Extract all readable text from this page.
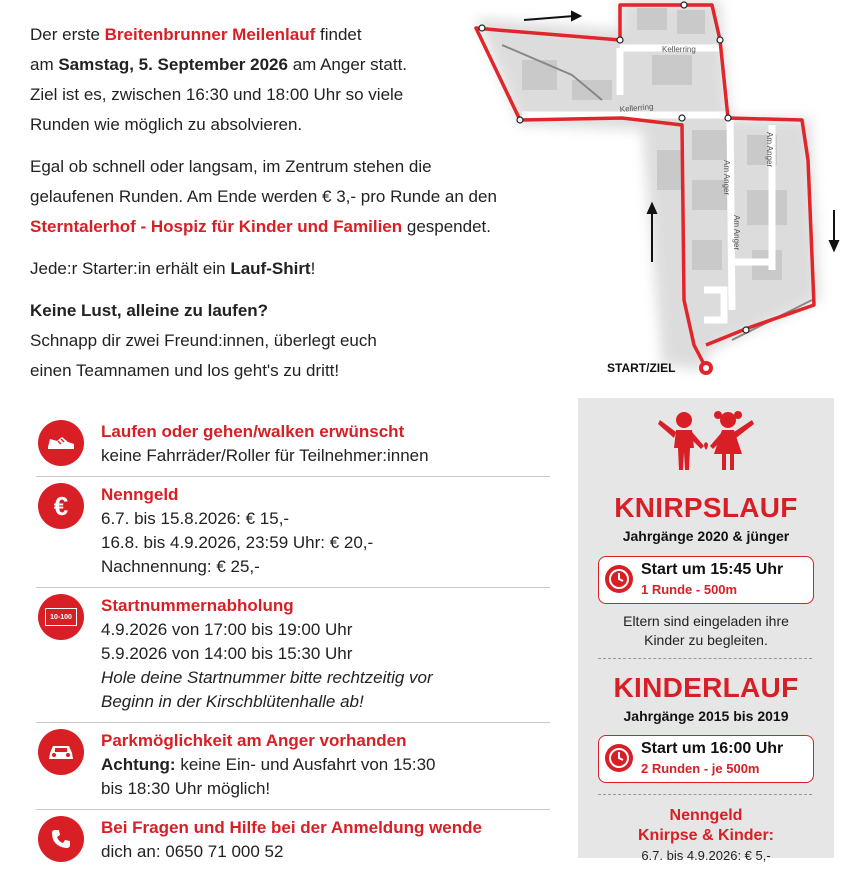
Der erste Breitenbrunner Meilenlauf findet
am Samstag, 5. September 2026 am Anger statt.
Ziel ist es, zwischen 16:30 und 18:00 Uhr so viele
Runden wie möglich zu absolvieren.

Egal ob schnell oder langsam, im Zentrum stehen die
gelaufenen Runden. Am Ende werden € 3,- pro Runde an den
Sterntalerhof - Hospiz für Kinder und Familien gespendet.

Jede:r Starter:in erhält ein Lauf-Shirt!

Keine Lust, alleine zu laufen?
Schnapp dir zwei Freund:innen, überlegt euch
einen Teamnamen und los geht's zu dritt!

Kellerring
Kellerring
Am Anger
Am Anger
Am Anger
START/ZIEL
Laufen oder gehen/walken erwünscht
keine Fahrräder/Roller für Teilnehmer:innen
€ Nenngeld
6.7. bis 15.8.2026: € 15,-
16.8. bis 4.9.2026, 23:59 Uhr: € 20,-
Nachnennung: € 25,-
10-100
Startnummernabholung
4.9.2026 von 17:00 bis 19:00 Uhr
5.9.2026 von 14:00 bis 15:30 Uhr
Hole deine Startnummer bitte rechtzeitig vor
Beginn in der Kirschblütenhalle ab!
Parkmöglichkeit am Anger vorhanden
Achtung: keine Ein- und Ausfahrt von 15:30
bis 18:30 Uhr möglich!
Bei Fragen und Hilfe bei der Anmeldung wende
dich an: 0650 71 000 52
KNIRPSLAUF
Jahrgänge 2020 & jünger
Start um 15:45 Uhr
1 Runde - 500m
Eltern sind eingeladen ihre
Kinder zu begleiten.
KINDERLAUF
Jahrgänge 2015 bis 2019
Start um 16:00 Uhr
2 Runden - je 500m
Nenngeld
Knirpse & Kinder:
6.7. bis 4.9.2026: € 5,-
